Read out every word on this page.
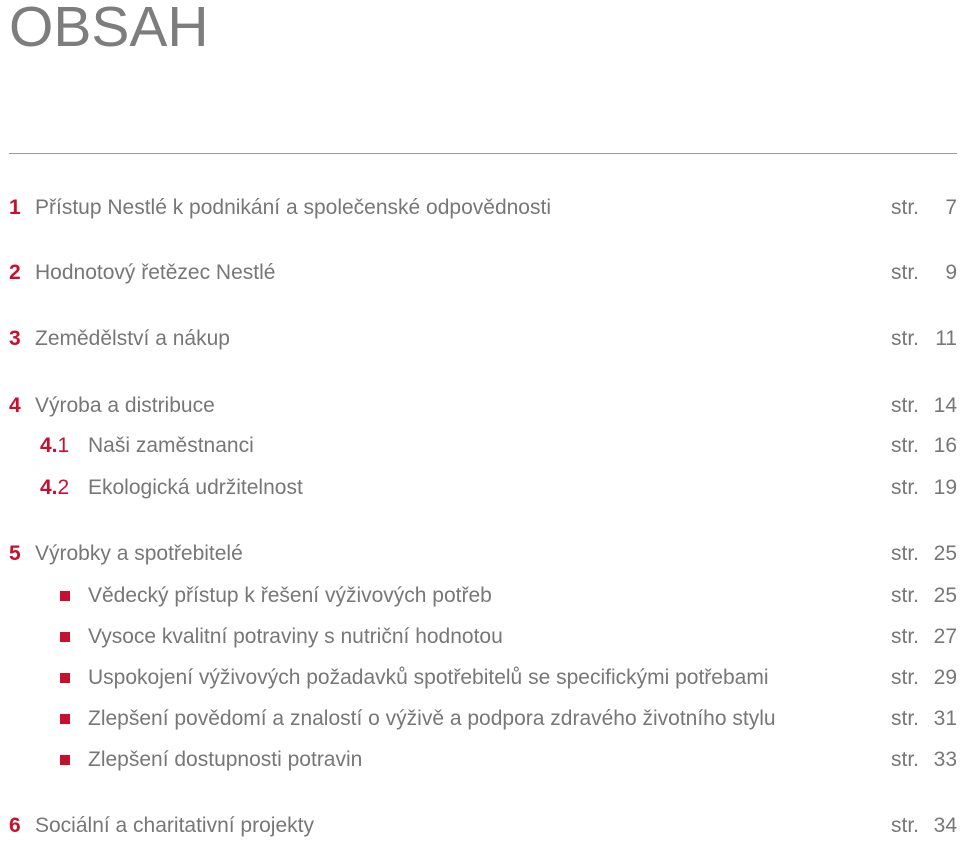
OBSAH
1 Přístup Nestlé k podnikání a společenské odpovědnosti	str. 7
2 Hodnotový řetězec Nestlé	str. 9
3 Zemědělství a nákup	str. 11
4 Výroba a distribuce	str. 14
4.1 Naši zaměstnanci	str. 16
4.2 Ekologická udržitelnost	str. 19
5 Výrobky a spotřebitelé	str. 25
Vědecký přístup k řešení výživových potřeb	str. 25
Vysoce kvalitní potraviny s nutriční hodnotou	str. 27
Uspokojení výživových požadavků spotřebitelů se specifickými potřebami	str. 29
Zlepšení povědomí a znalostí o výživě a podpora zdravého životního stylu	str. 31
Zlepšení dostupnosti potravin	str. 33
6 Sociální a charitativní projekty	str. 34
